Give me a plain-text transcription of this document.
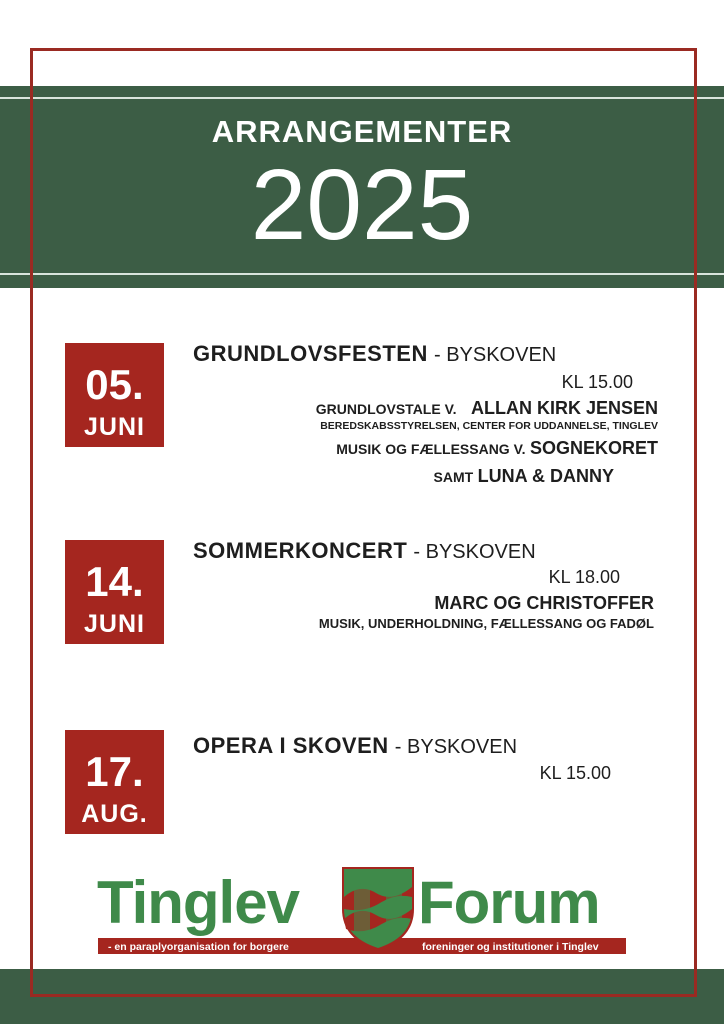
ARRANGEMENTER
2025
05.
JUNI
GRUNDLOVSFESTEN - BYSKOVEN
KL 15.00
GRUNDLOVSTALE V. ALLAN KIRK JENSEN
BEREDSKABSSTYRELSEN, CENTER FOR UDDANNELSE, TINGLEV
MUSIK OG FÆLLESSANG V. SOGNEKORET
SAMT LUNA & DANNY
14.
JUNI
SOMMERKONCERT - BYSKOVEN
KL 18.00
MARC OG CHRISTOFFER
MUSIK, UNDERHOLDNING, FÆLLESSANG OG FADØL
17.
AUG.
OPERA I SKOVEN - BYSKOVEN
KL 15.00
Tinglev Forum
- en paraplyorganisation for borgere	foreninger og institutioner i Tinglev
